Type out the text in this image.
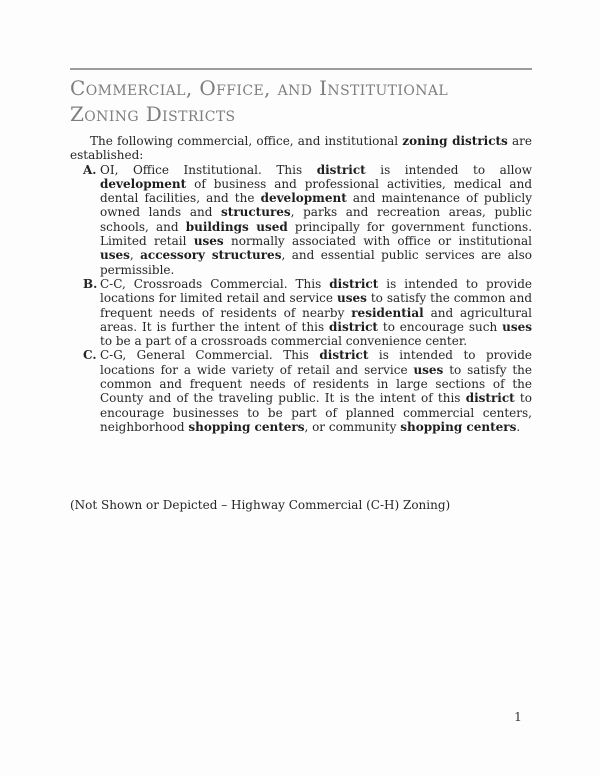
Commercial, Office, and Institutional
Zoning Districts

The following commercial, office, and institutional zoning districts are established:

A. OI, Office Institutional. This district is intended to allow development of business and professional activities, medical and dental facilities, and the development and maintenance of publicly owned lands and structures, parks and recreation areas, public schools, and buildings used principally for government functions. Limited retail uses normally associated with office or institutional uses, accessory structures, and essential public services are also permissible.
B. C-C, Crossroads Commercial. This district is intended to provide locations for limited retail and service uses to satisfy the common and frequent needs of residents of nearby residential and agricultural areas. It is further the intent of this district to encourage such uses to be a part of a crossroads commercial convenience center.
C. C-G, General Commercial. This district is intended to provide locations for a wide variety of retail and service uses to satisfy the common and frequent needs of residents in large sections of the County and of the traveling public. It is the intent of this district to encourage businesses to be part of planned commercial centers, neighborhood shopping centers, or community shopping centers.

(Not Shown or Depicted – Highway Commercial (C-H) Zoning)

1
